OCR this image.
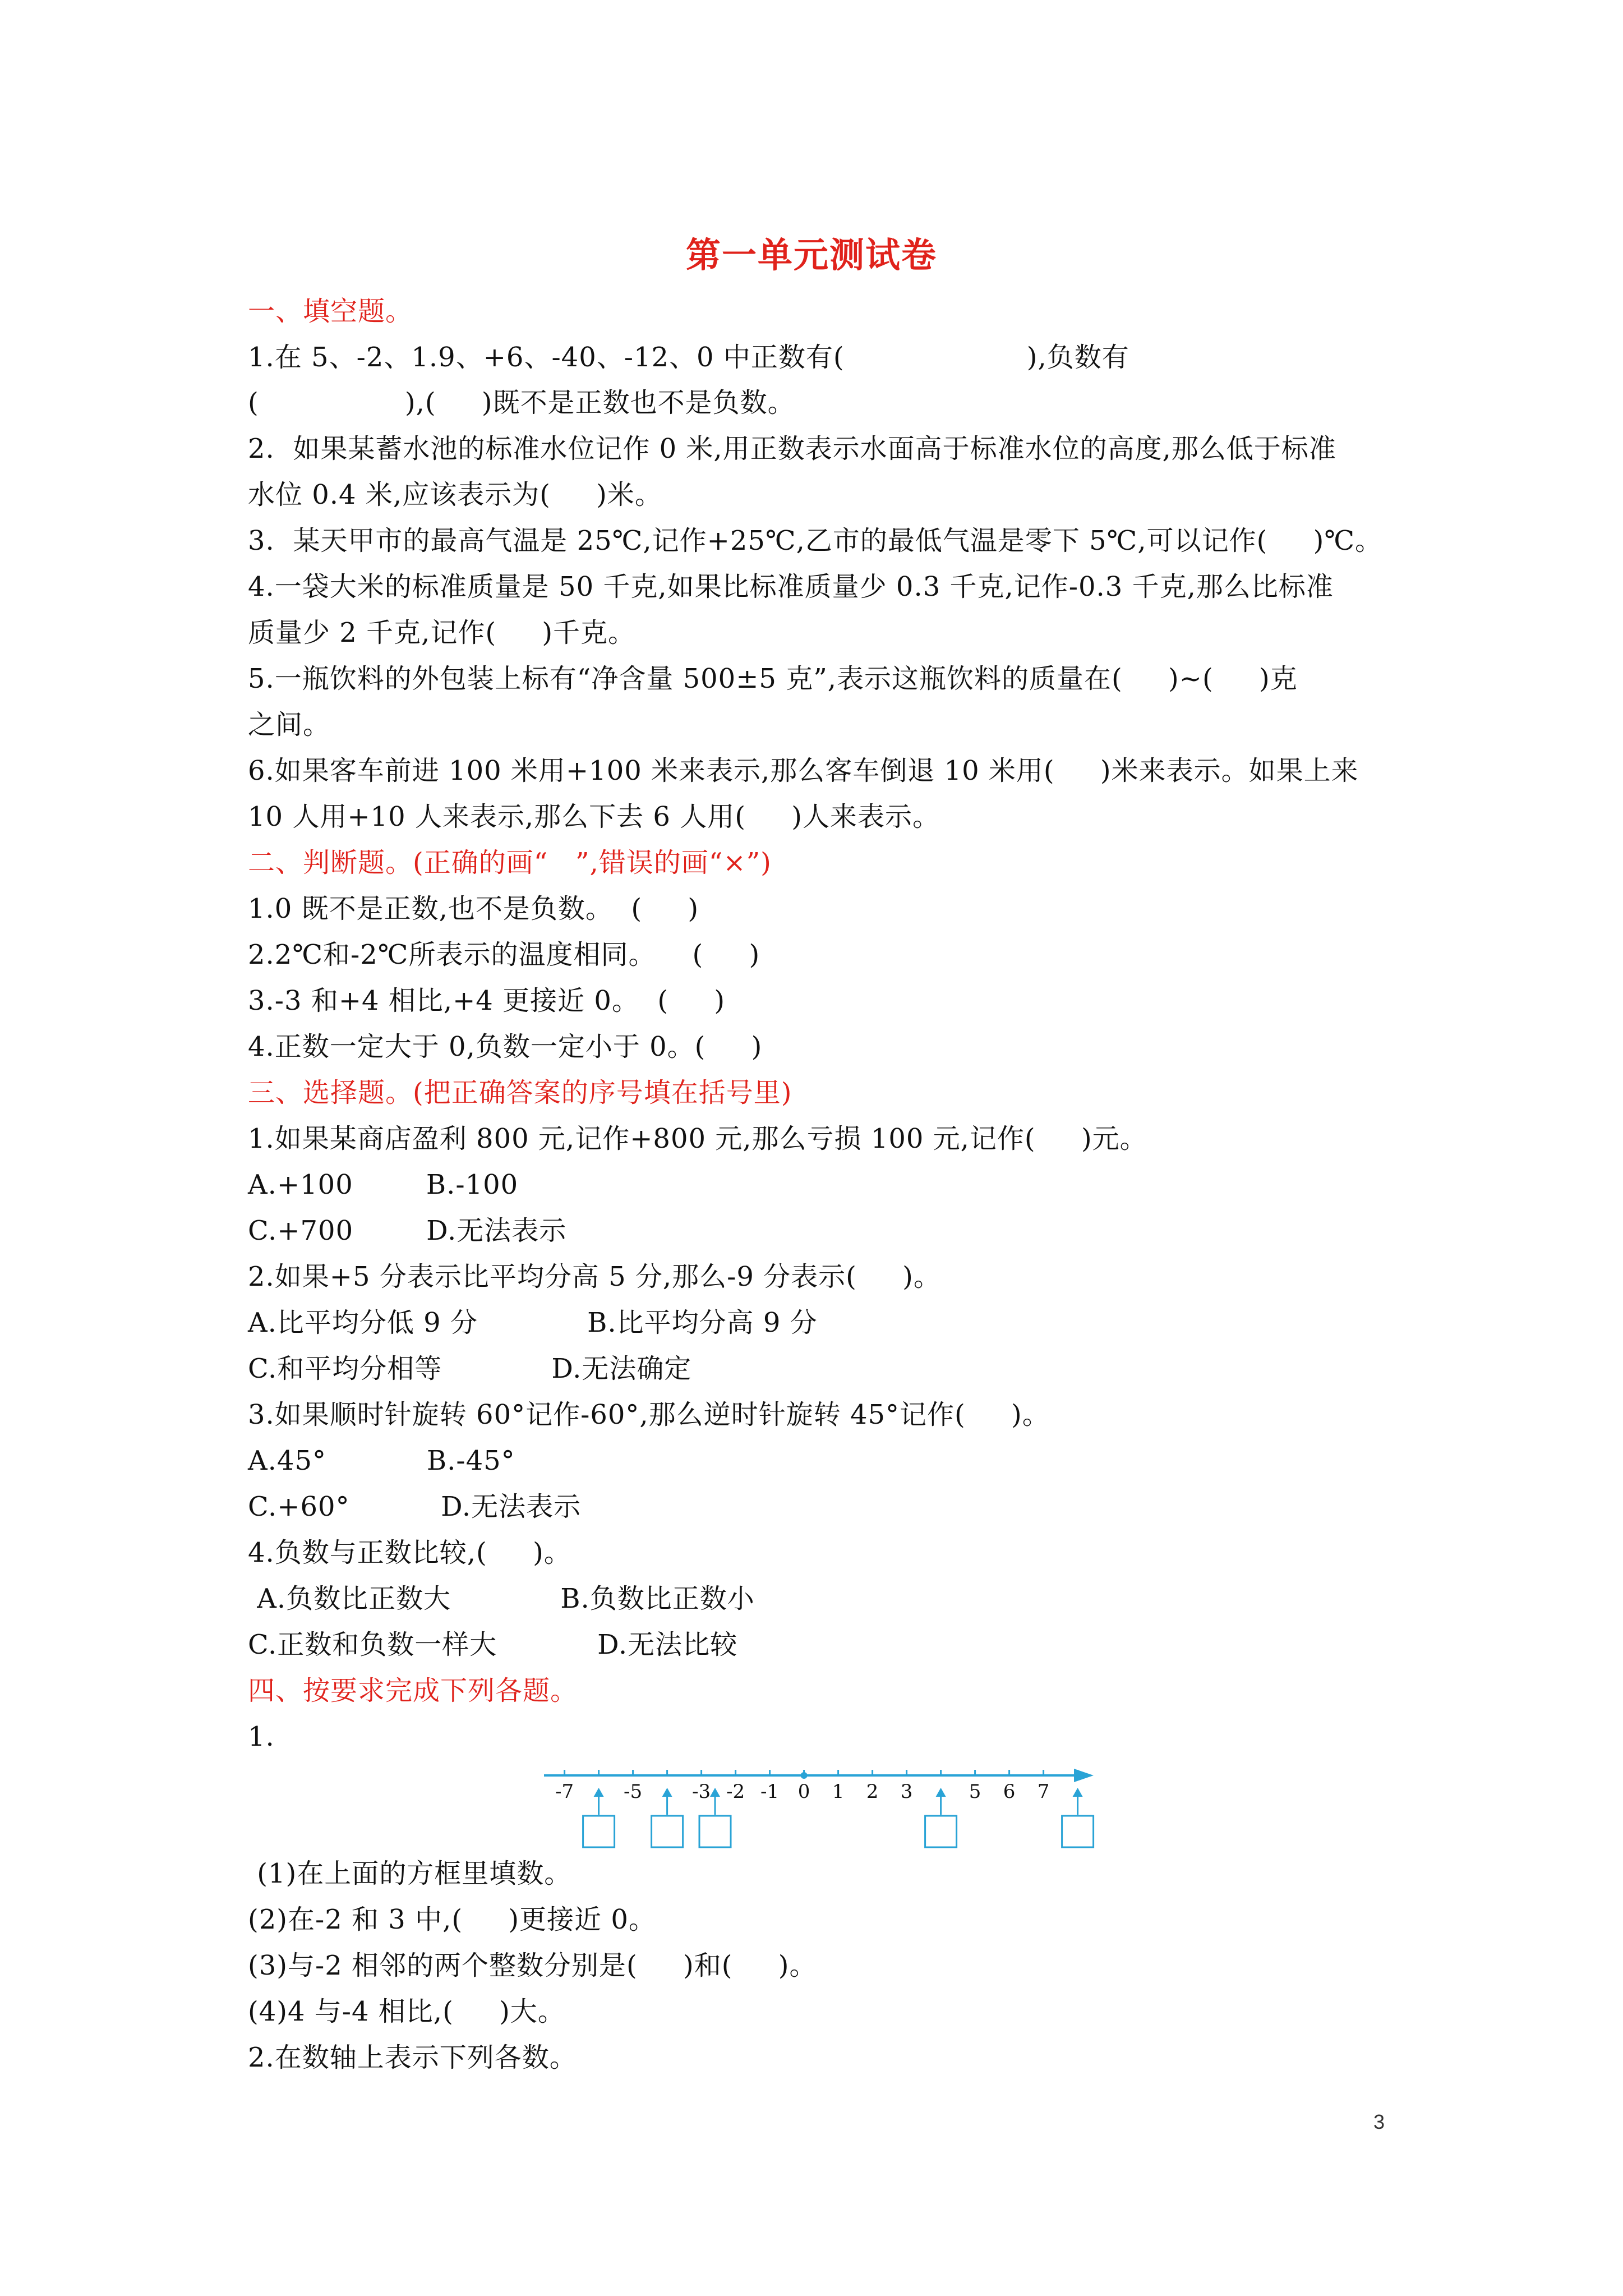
第一单元测试卷
一、填空题。
1.在 5、-2、1.9、+6、-40、-12、0 中正数有(                    ),负数有
(                ),(     )既不是正数也不是负数。
2.  如果某蓄水池的标准水位记作 0 米,用正数表示水面高于标准水位的高度,那么低于标准
水位 0.4 米,应该表示为(     )米。
3.  某天甲市的最高气温是 25℃,记作+25℃,乙市的最低气温是零下 5℃,可以记作(     )℃。
4.一袋大米的标准质量是 50 千克,如果比标准质量少 0.3 千克,记作-0.3 千克,那么比标准
质量少 2 千克,记作(     )千克。
5.一瓶饮料的外包装上标有“净含量 500±5 克”,表示这瓶饮料的质量在(     )~(     )克
之间。
6.如果客车前进 100 米用+100 米来表示,那么客车倒退 10 米用(     )米来表示。如果上来
10 人用+10 人来表示,那么下去 6 人用(     )人来表示。
二、判断题。(正确的画“   ”,错误的画“×”)
1.0 既不是正数,也不是负数。  (     )
2.2℃和-2℃所表示的温度相同。    (     )
3.-3 和+4 相比,+4 更接近 0。  (     )
4.正数一定大于 0,负数一定小于 0。(     )
三、选择题。(把正确答案的序号填在括号里)
1.如果某商店盈利 800 元,记作+800 元,那么亏损 100 元,记作(     )元。
A.+100        B.-100
C.+700        D.无法表示
2.如果+5 分表示比平均分高 5 分,那么-9 分表示(     )。
A.比平均分低 9 分            B.比平均分高 9 分
C.和平均分相等            D.无法确定
3.如果顺时针旋转 60°记作-60°,那么逆时针旋转 45°记作(     )。
A.45°           B.-45°
C.+60°          D.无法表示
4.负数与正数比较,(     )。
A.负数比正数大            B.负数比正数小
C.正数和负数一样大           D.无法比较
四、按要求完成下列各题。
1.
-7	-5	-3 -2 -1 0 1 2 3	5 6 7
(1)在上面的方框里填数。
(2)在-2 和 3 中,(     )更接近 0。
(3)与-2 相邻的两个整数分别是(     )和(     )。
(4)4 与-4 相比,(     )大。
2.在数轴上表示下列各数。
3
